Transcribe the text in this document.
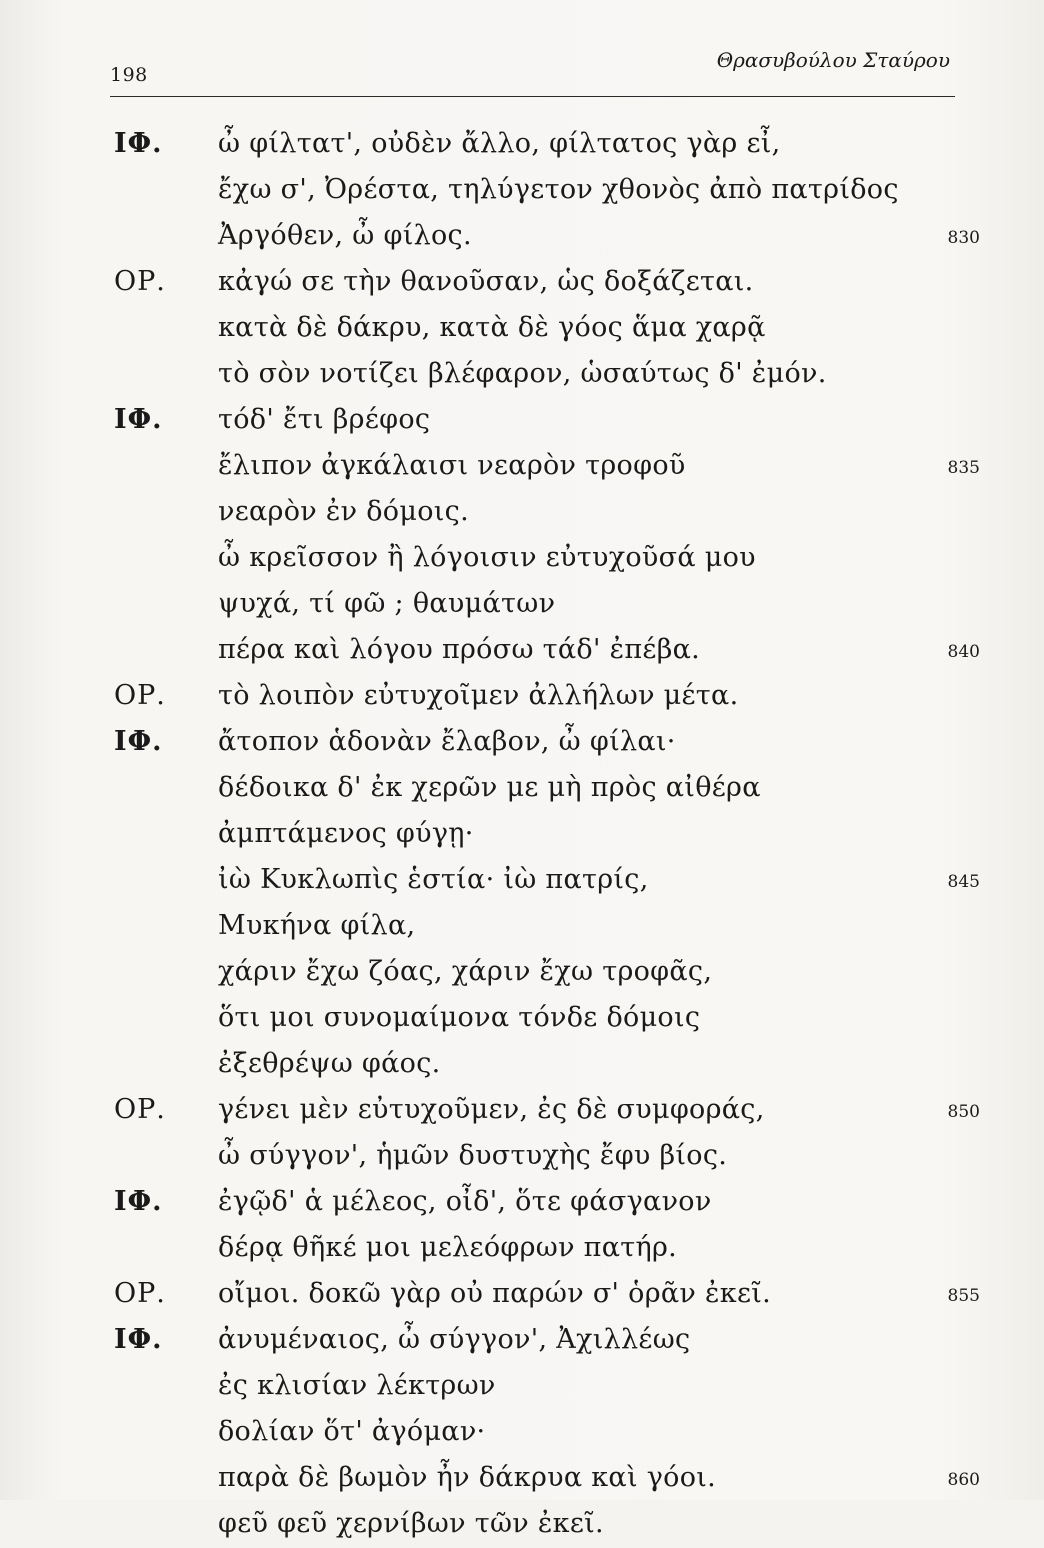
198
Θρασυβούλου Σταύρου
ΙΦ. ὦ φίλτατ', οὐδὲν ἄλλο, φίλτατος γὰρ εἶ,
ἔχω σ', Ὀρέστα, τηλύγετον χθονὸς ἀπὸ πατρίδος
Ἀργόθεν, ὦ φίλος.	830
ΟΡ. κἀγώ σε τὴν θανοῦσαν, ὡς δοξάζεται.
κατὰ δὲ δάκρυ, κατὰ δὲ γόος ἅμα χαρᾷ
τὸ σὸν νοτίζει βλέφαρον, ὡσαύτως δ' ἐμόν.
ΙΦ. τόδ' ἔτι βρέφος
ἔλιπον ἀγκάλαισι νεαρὸν τροφοῦ	835
νεαρὸν ἐν δόμοις.
ὦ κρεῖσσον ἢ λόγοισιν εὐτυχοῦσά μου
ψυχά, τί φῶ ; θαυμάτων
πέρα καὶ λόγου πρόσω τάδ' ἐπέβα.	840
ΟΡ. τὸ λοιπὸν εὐτυχοῖμεν ἀλλήλων μέτα.
ΙΦ. ἄτοπον ἁδονὰν ἔλαβον, ὦ φίλαι·
δέδοικα δ' ἐκ χερῶν με μὴ πρὸς αἰθέρα
ἀμπτάμενος φύγῃ·
ἰὼ Κυκλωπὶς ἑστία· ἰὼ πατρίς,	845
Μυκήνα φίλα,
χάριν ἔχω ζόας, χάριν ἔχω τροφᾶς,
ὅτι μοι συνομαίμονα τόνδε δόμοις
ἐξεθρέψω φάος.
ΟΡ. γένει μὲν εὐτυχοῦμεν, ἐς δὲ συμφοράς,	850
ὦ σύγγον', ἡμῶν δυστυχὴς ἔφυ βίος.
ΙΦ. ἐγῷδ' ἁ μέλεος, οἶδ', ὅτε φάσγανον
δέρᾳ θῆκέ μοι μελεόφρων πατήρ.
ΟΡ. οἴμοι. δοκῶ γὰρ οὐ παρών σ' ὁρᾶν ἐκεῖ.	855
ΙΦ. ἀνυμέναιος, ὦ σύγγον', Ἀχιλλέως
ἐς κλισίαν λέκτρων
δολίαν ὅτ' ἀγόμαν·
παρὰ δὲ βωμὸν ἦν δάκρυα καὶ γόοι.	860
φεῦ φεῦ χερνίβων τῶν ἐκεῖ.
